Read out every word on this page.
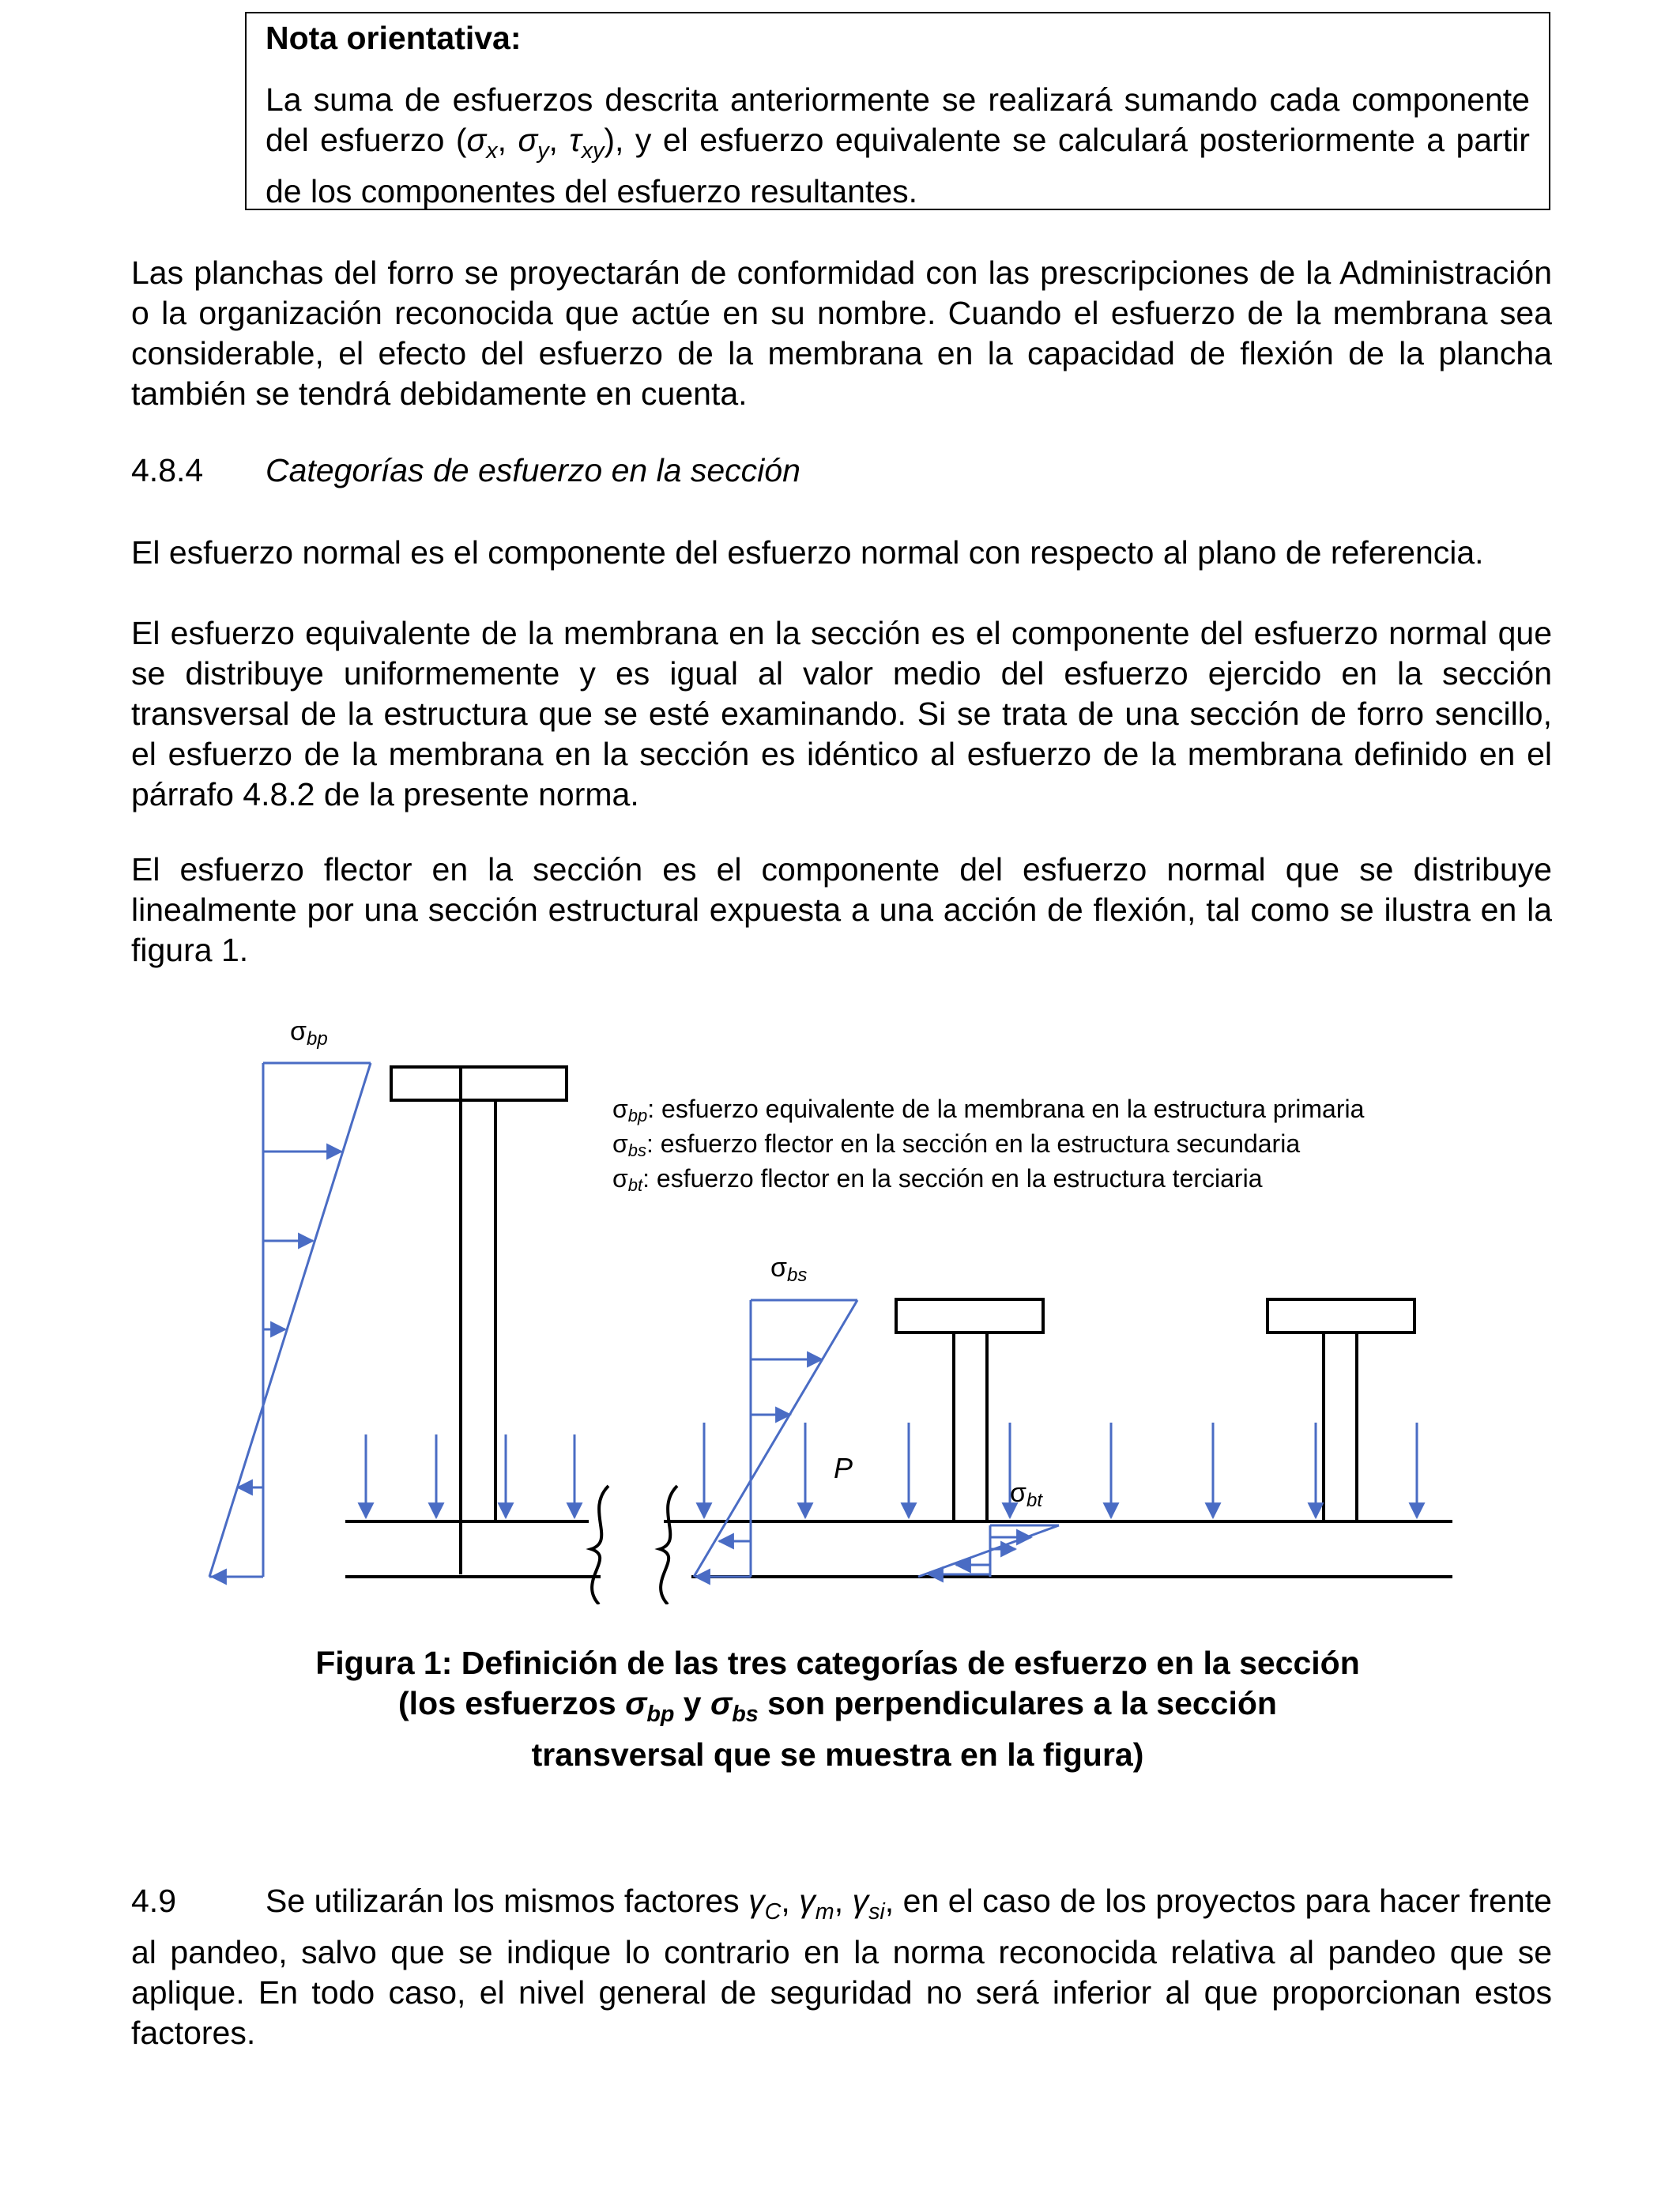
Nota orientativa:

La suma de esfuerzos descrita anteriormente se realizará sumando cada componente del esfuerzo ($\sigma_x$, $\sigma_y$, $\tau_{xy}$), y el esfuerzo equivalente se calculará posteriormente a partir de los componentes del esfuerzo resultantes.

Las planchas del forro se proyectarán de conformidad con las prescripciones de la Administración o la organización reconocida que actúe en su nombre. Cuando el esfuerzo de la membrana sea considerable, el efecto del esfuerzo de la membrana en la capacidad de flexión de la plancha también se tendrá debidamente en cuenta.

4.8.4 Categorías de esfuerzo en la sección

El esfuerzo normal es el componente del esfuerzo normal con respecto al plano de referencia.

El esfuerzo equivalente de la membrana en la sección es el componente del esfuerzo normal que se distribuye uniformemente y es igual al valor medio del esfuerzo ejercido en la sección transversal de la estructura que se esté examinando. Si se trata de una sección de forro sencillo, el esfuerzo de la membrana en la sección es idéntico al esfuerzo de la membrana definido en el párrafo 4.8.2 de la presente norma.

El esfuerzo flector en la sección es el componente del esfuerzo normal que se distribuye linealmente por una sección estructural expuesta a una acción de flexión, tal como se ilustra en la figura 1.

σbp
σbs
σbt
P
σbp: esfuerzo equivalente de la membrana en la estructura primaria
σbs: esfuerzo flector en la sección en la estructura secundaria
σbt: esfuerzo flector en la sección en la estructura terciaria
Figura 1: Definición de las tres categorías de esfuerzo en la sección
(los esfuerzos $\sigma_{bp}$ y $\sigma_{bs}$ son perpendiculares a la sección
transversal que se muestra en la figura)

4.9	Se utilizarán los mismos factores $\gamma_C$, $\gamma_m$, $\gamma_{si}$, en el caso de los proyectos para hacer frente al pandeo, salvo que se indique lo contrario en la norma reconocida relativa al pandeo que se aplique. En todo caso, el nivel general de seguridad no será inferior al que proporcionan estos factores.
